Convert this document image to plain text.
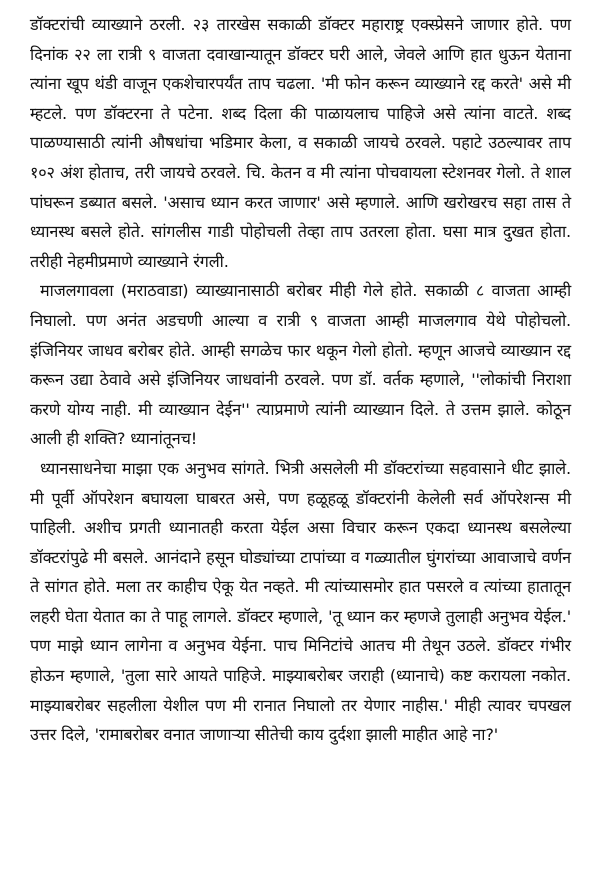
डॉक्टरांची व्याख्याने ठरली. २३ तारखेस सकाळी डॉक्टर महाराष्ट्र एक्स्प्रेसने जाणार होते. पण दिनांक २२ ला रात्री ९ वाजता दवाखान्यातून डॉक्टर घरी आले, जेवले आणि हात धुऊन येताना त्यांना खूप थंडी वाजून एकशेचारपर्यंत ताप चढला. 'मी फोन करून व्याख्याने रद्द करते' असे मी म्हटले. पण डॉक्टरना ते पटेना. शब्द दिला की पाळायलाच पाहिजे असे त्यांना वाटते. शब्द पाळण्यासाठी त्यांनी औषधांचा भडिमार केला, व सकाळी जायचे ठरवले. पहाटे उठल्यावर ताप १०२ अंश होताच, तरी जायचे ठरवले. चि. केतन व मी त्यांना पोचवायला स्टेशनवर गेलो. ते शाल पांघरून डब्यात बसले. 'असाच ध्यान करत जाणार' असे म्हणाले. आणि खरोखरच सहा तास ते ध्यानस्थ बसले होते. सांगलीस गाडी पोहोचली तेव्हा ताप उतरला होता. घसा मात्र दुखत होता. तरीही नेहमीप्रमाणे व्याख्याने रंगली.

माजलगावला (मराठवाडा) व्याख्यानासाठी बरोबर मीही गेले होते. सकाळी ८ वाजता आम्ही निघालो. पण अनंत अडचणी आल्या व रात्री ९ वाजता आम्ही माजलगाव येथे पोहोचलो. इंजिनियर जाधव बरोबर होते. आम्ही सगळेच फार थकून गेलो होतो. म्हणून आजचे व्याख्यान रद्द करून उद्या ठेवावे असे इंजिनियर जाधवांनी ठरवले. पण डॉ. वर्तक म्हणाले, ''लोकांची निराशा करणे योग्य नाही. मी व्याख्यान देईन'' त्याप्रमाणे त्यांनी व्याख्यान दिले. ते उत्तम झाले. कोठून आली ही शक्ति? ध्यानांतूनच!

ध्यानसाधनेचा माझा एक अनुभव सांगते. भित्री असलेली मी डॉक्टरांच्या सहवासाने धीट झाले. मी पूर्वी ऑपरेशन बघायला घाबरत असे, पण हळूहळू डॉक्टरांनी केलेली सर्व ऑपरेशन्स मी पाहिली. अशीच प्रगती ध्यानातही करता येईल असा विचार करून एकदा ध्यानस्थ बसलेल्या डॉक्टरांपुढे मी बसले. आनंदाने हसून घोड्यांच्या टापांच्या व गळ्यातील घुंगरांच्या आवाजाचे वर्णन ते सांगत होते. मला तर काहीच ऐकू येत नव्हते. मी त्यांच्यासमोर हात पसरले व त्यांच्या हातातून लहरी घेता येतात का ते पाहू लागले. डॉक्टर म्हणाले, 'तू ध्यान कर म्हणजे तुलाही अनुभव येईल.' पण माझे ध्यान लागेना व अनुभव येईना. पाच मिनिटांचे आतच मी तेथून उठले. डॉक्टर गंभीर होऊन म्हणाले, 'तुला सारे आयते पाहिजे. माझ्याबरोबर जराही (ध्यानाचे) कष्ट करायला नकोत. माझ्याबरोबर सहलीला येशील पण मी रानात निघालो तर येणार नाहीस.' मीही त्यावर चपखल उत्तर दिले, 'रामाबरोबर वनात जाणाऱ्या सीतेची काय दुर्दशा झाली माहीत आहे ना?'
